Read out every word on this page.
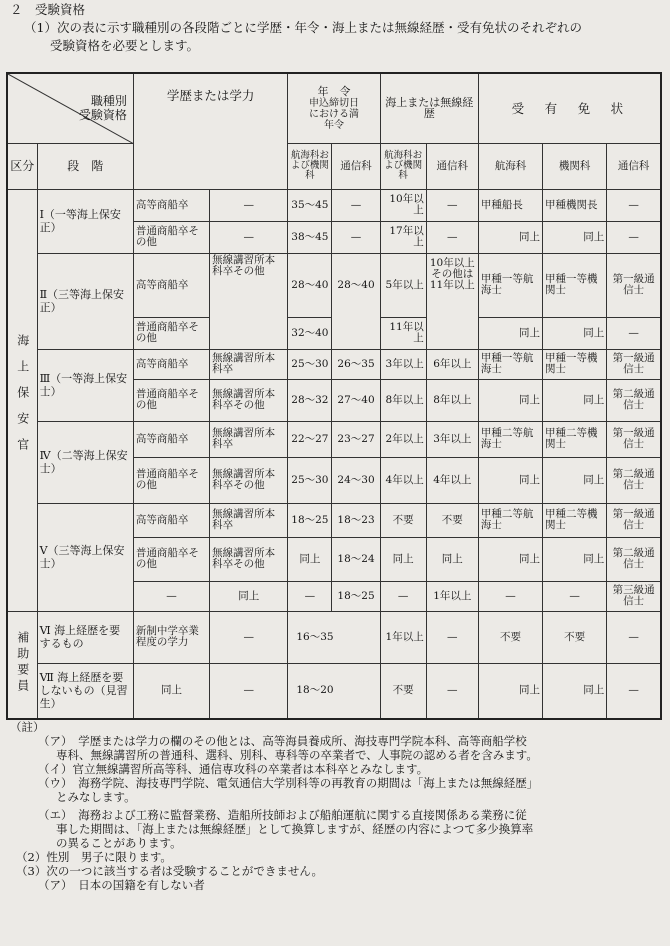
２　受験資格
（1）次の表に示す職種別の各段階ごとに学歴・年令・海上または無線経歴・受有免状のそれぞれの
受験資格を必要とします。
職種別
受験資格		学歴または学力		年　令
申込締切日
における満
年令		海上または無線経歴		受　有　免　状		
区分	段　階			航海科および機関科	通信科	航海科および機関科	通信科	航海科	機関科	通信科
海上保安官	Ⅰ（一等海上保安正）	高等商船卒	—	35～45	—	10年以上	—	甲種船長	甲種機関長	—
		普通商船卒その他	—	38～45	—	17年以上	—	同上	同上	—
	Ⅱ（三等海上保安正）	高等商船卒	無線講習所本科卒その他	28～40	28～40	5年以上	10年以上その他は11年以上	甲種一等航海士	甲種一等機関士	第一級通信士
		普通商船卒その他		32～40		11年以上		同上	同上	—
	Ⅲ（一等海上保安士）	高等商船卒	無線講習所本科卒	25～30	26～35	3年以上	6年以上	甲種一等航海士	甲種一等機関士	第一級通信士
		普通商船卒その他	無線講習所本科卒その他	28～32	27～40	8年以上	8年以上	同上	同上	第二級通信士
	Ⅳ（二等海上保安士）	高等商船卒	無線講習所本科卒	22～27	23～27	2年以上	3年以上	甲種二等航海士	甲種二等機関士	第一級通信士
		普通商船卒その他	無線講習所本科卒その他	25～30	24～30	4年以上	4年以上	同上	同上	第二級通信士
	Ⅴ（三等海上保安士）	高等商船卒	無線講習所本科卒	18～25	18～23	不要	不要	甲種二等航海士	甲種二等機関士	第一級通信士
		普通商船卒その他	無線講習所本科卒その他	同上	18～24	同上	同上	同上	同上	第二級通信士
		—	同上	—	18～25	—	1年以上	—	—	第三級通信士
補助要員	Ⅵ 海上経歴を要するもの	新制中学卒業程度の学力	—	16～35		1年以上	—	不要	不要	—
	Ⅶ 海上経歴を要しないもの（見習生）	同上	—	18～20		不要	—	同上	同上	—
（註）
（ア）　学歴または学力の欄のその他とは、高等海員養成所、海技専門学院本科、高等商船学校
専科、無線講習所の普通科、選科、別科、専科等の卒業者で、人事院の認める者を含みます。
（イ）官立無線講習所高等科、通信専攻科の卒業者は本科卒とみなします。
（ウ）　海務学院、海技専門学院、電気通信大学別科等の再教育の期間は「海上または無線経歴」
とみなします。
（エ）　海務および工務に監督業務、造船所技師および船舶運航に関する直接関係ある業務に従
事した期間は、「海上または無線経歴」として換算しますが、経歴の内容によつて多少換算率
の異ることがあります。
（2）性別　男子に限ります。
（3）次の一つに該当する者は受験することができません。
（ア）　日本の国籍を有しない者
